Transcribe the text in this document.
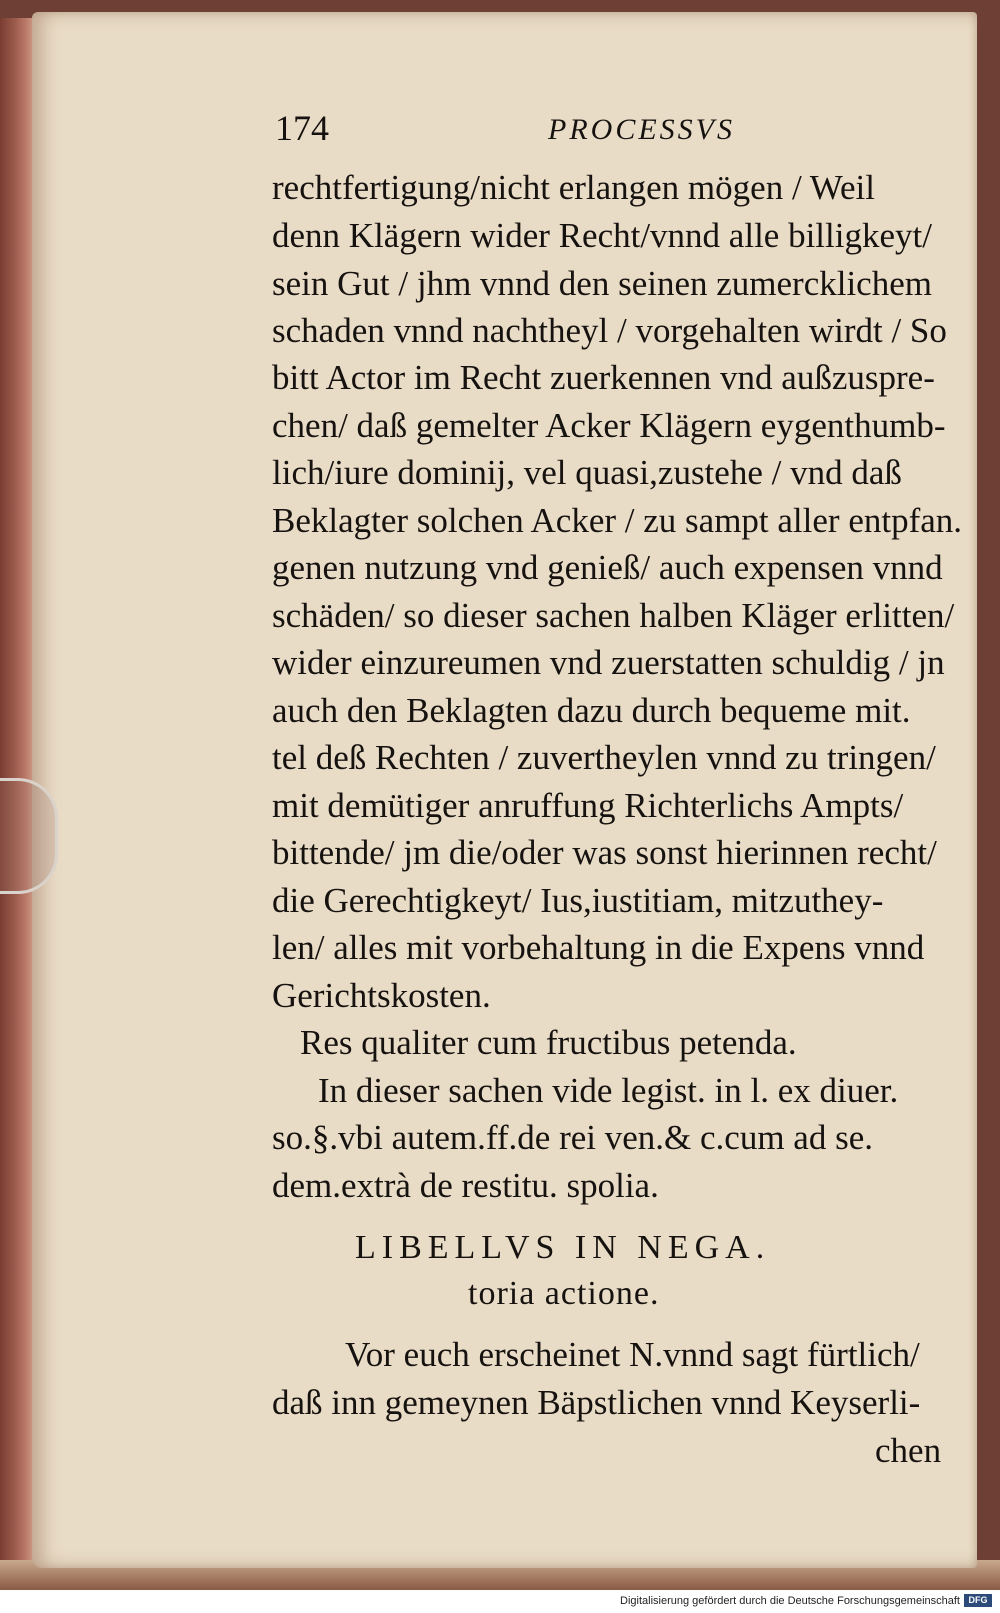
174	PROCESSVS
rechtfertigung/nicht erlangen mögen / Weil
denn Klägern wider Recht/vnnd alle billigkeyt/
sein Gut / jhm vnnd den seinen zumercklichem
schaden vnnd nachtheyl / vorgehalten wirdt / So
bitt Actor im Recht zuerkennen vnd außzuspre-
chen/ daß gemelter Acker Klägern eygenthumb-
lich/iure dominij, vel quasi,zustehe / vnd daß
Beklagter solchen Acker / zu sampt aller entpfan.
genen nutzung vnd genieß/ auch expensen vnnd
schäden/ so dieser sachen halben Kläger erlitten/
wider einzureumen vnd zuerstatten schuldig / jn
auch den Beklagten dazu durch bequeme mit.
tel deß Rechten / zuvertheylen vnnd zu tringen/
mit demütiger anruffung Richterlichs Ampts/
bittende/ jm die/oder was sonst hierinnen recht/
die Gerechtigkeyt/ Ius,iustitiam, mitzuthey-
len/ alles mit vorbehaltung in die Expens vnnd
Gerichtskosten.
Res qualiter cum fructibus petenda.
In dieser sachen vide legist. in l. ex diuer.
so.§.vbi autem.ff.de rei ven.& c.cum ad se.
dem.extrà de restitu. spolia.
LIBELLVS IN NEGA.
toria actione.
Vor euch erscheinet N.vnnd sagt fürtlich/
daß inn gemeynen Bäpstlichen vnnd Keyserli-
chen
Digitalisierung gefördert durch die Deutsche Forschungsgemeinschaft DFG
